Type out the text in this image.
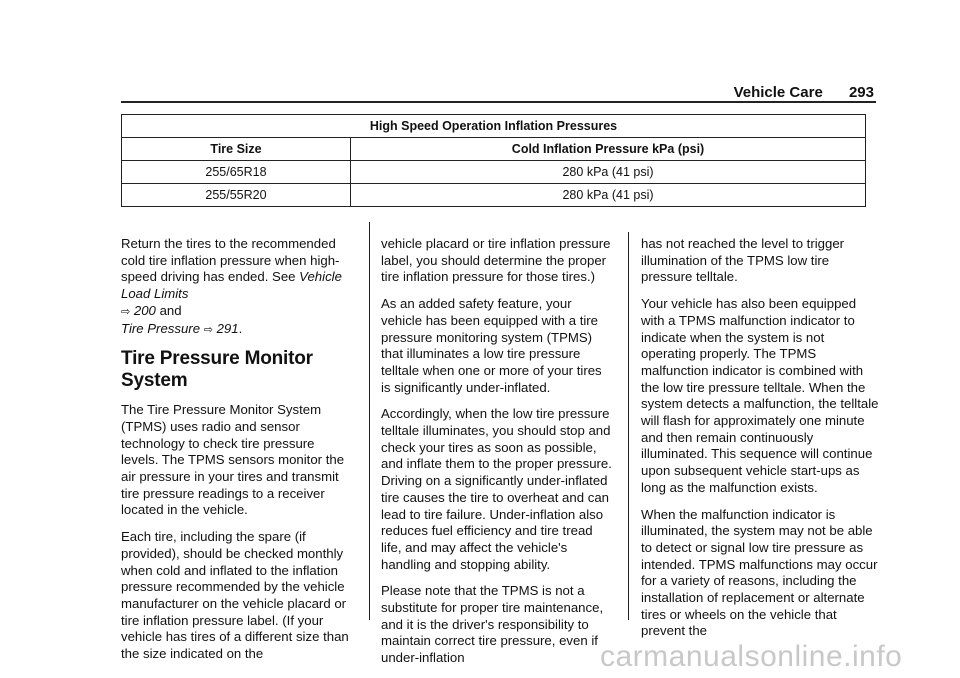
Vehicle Care 293
High Speed Operation Inflation Pressures	
Tire Size	Cold Inflation Pressure kPa (psi)
255/65R18	280 kPa (41 psi)
255/55R20	280 kPa (41 psi)

Return the tires to the recommended cold tire inflation pressure when high-speed driving has ended. See Vehicle Load Limits
⇨ 200 and
Tire Pressure ⇨ 291.

Tire Pressure Monitor System

The Tire Pressure Monitor System (TPMS) uses radio and sensor technology to check tire pressure levels. The TPMS sensors monitor the air pressure in your tires and transmit tire pressure readings to a receiver located in the vehicle.

Each tire, including the spare (if provided), should be checked monthly when cold and inflated to the inflation pressure recommended by the vehicle manufacturer on the vehicle placard or tire inflation pressure label. (If your vehicle has tires of a different size than the size indicated on the

vehicle placard or tire inflation pressure label, you should determine the proper tire inflation pressure for those tires.)

As an added safety feature, your vehicle has been equipped with a tire pressure monitoring system (TPMS) that illuminates a low tire pressure telltale when one or more of your tires is significantly under-inflated.

Accordingly, when the low tire pressure telltale illuminates, you should stop and check your tires as soon as possible, and inflate them to the proper pressure. Driving on a significantly under-inflated tire causes the tire to overheat and can lead to tire failure. Under-inflation also reduces fuel efficiency and tire tread life, and may affect the vehicle's handling and stopping ability.

Please note that the TPMS is not a substitute for proper tire maintenance, and it is the driver's responsibility to maintain correct tire pressure, even if under-inflation

has not reached the level to trigger illumination of the TPMS low tire pressure telltale.

Your vehicle has also been equipped with a TPMS malfunction indicator to indicate when the system is not operating properly. The TPMS malfunction indicator is combined with the low tire pressure telltale. When the system detects a malfunction, the telltale will flash for approximately one minute and then remain continuously illuminated. This sequence will continue upon subsequent vehicle start-ups as long as the malfunction exists.

When the malfunction indicator is illuminated, the system may not be able to detect or signal low tire pressure as intended. TPMS malfunctions may occur for a variety of reasons, including the installation of replacement or alternate tires or wheels on the vehicle that prevent the

carmanualsonline.info
